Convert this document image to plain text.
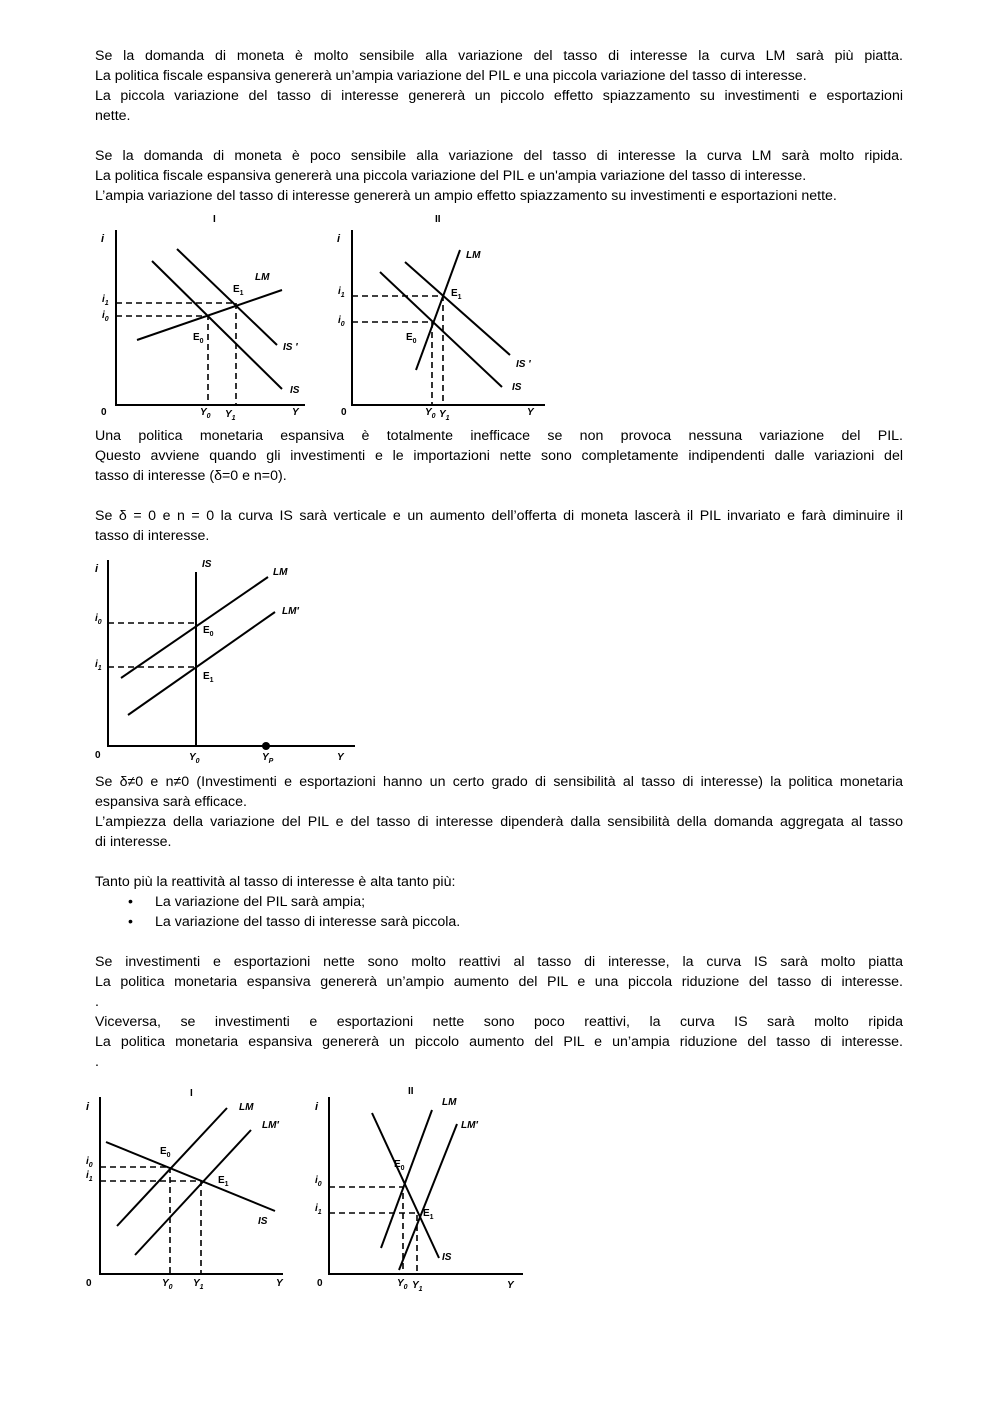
Se la domanda di moneta è molto sensibile alla variazione del tasso di interesse la curva LM sarà più piatta.

La politica fiscale espansiva genererà un’ampia variazione del PIL e una piccola variazione del tasso di interesse.

La piccola variazione del tasso di interesse genererà un piccolo effetto spiazzamento su investimenti e esportazioni

nette.

Se la domanda di moneta è poco sensibile alla variazione del tasso di interesse la curva LM sarà molto ripida.

La politica fiscale espansiva genererà una piccola variazione del PIL e un'ampia variazione del tasso di interesse.

L’ampia variazione del tasso di interesse genererà un ampio effetto spiazzamento su investimenti e esportazioni nette.

I
i
0
LM
$E_1$
$E_0$
IS ′
IS
$i_1$
$i_0$
$Y_0$ $Y_1$
Y
II
i
0
LM
$E_1$
$E_0$
IS ′
IS
$i_1$
$i_0$
$Y_0$ $Y_1$
Y

Una politica monetaria espansiva è totalmente inefficace se non provoca nessuna variazione del PIL.

Questo avviene quando gli investimenti e le importazioni nette sono completamente indipendenti dalle variazioni del

tasso di interesse (δ=0 e n=0).

Se δ = 0 e n = 0 la curva IS sarà verticale e un aumento dell’offerta di moneta lascerà il PIL invariato e farà diminuire il

tasso di interesse.

i
0
IS
LM
LM′
$E_0$
$E_1$
$i_0$
$i_1$
$Y_0$	$Y_P$	Y

Se δ≠0 e n≠0 (Investimenti e esportazioni hanno un certo grado di sensibilità al tasso di interesse) la politica monetaria

espansiva sarà efficace.

L’ampiezza della variazione del PIL e del tasso di interesse dipenderà dalla sensibilità della domanda aggregata al tasso

di interesse.

Tanto più la reattività al tasso di interesse è alta tanto più:

• La variazione del PIL sarà ampia;
• La variazione del tasso di interesse sarà piccola.

Se investimenti e esportazioni nette sono molto reattivi al tasso di interesse, la curva IS sarà molto piatta

La politica monetaria espansiva genererà un’ampio aumento del PIL e una piccola riduzione del tasso di interesse.

.

Viceversa, se investimenti e esportazioni nette sono poco reattivi, la curva IS sarà molto ripida

La politica monetaria espansiva genererà un piccolo aumento del PIL e un’ampia riduzione del tasso di interesse.

.

I
i
0
LM
LM′
$E_0$
$E_1$
IS
$i_0$
$i_1$
$Y_0$ $Y_1$	Y
II
i
0
LM
LM′
$E_0$
$E_1$
IS
$i_0$
$i_1$
$Y_0$ $Y_1$	Y
